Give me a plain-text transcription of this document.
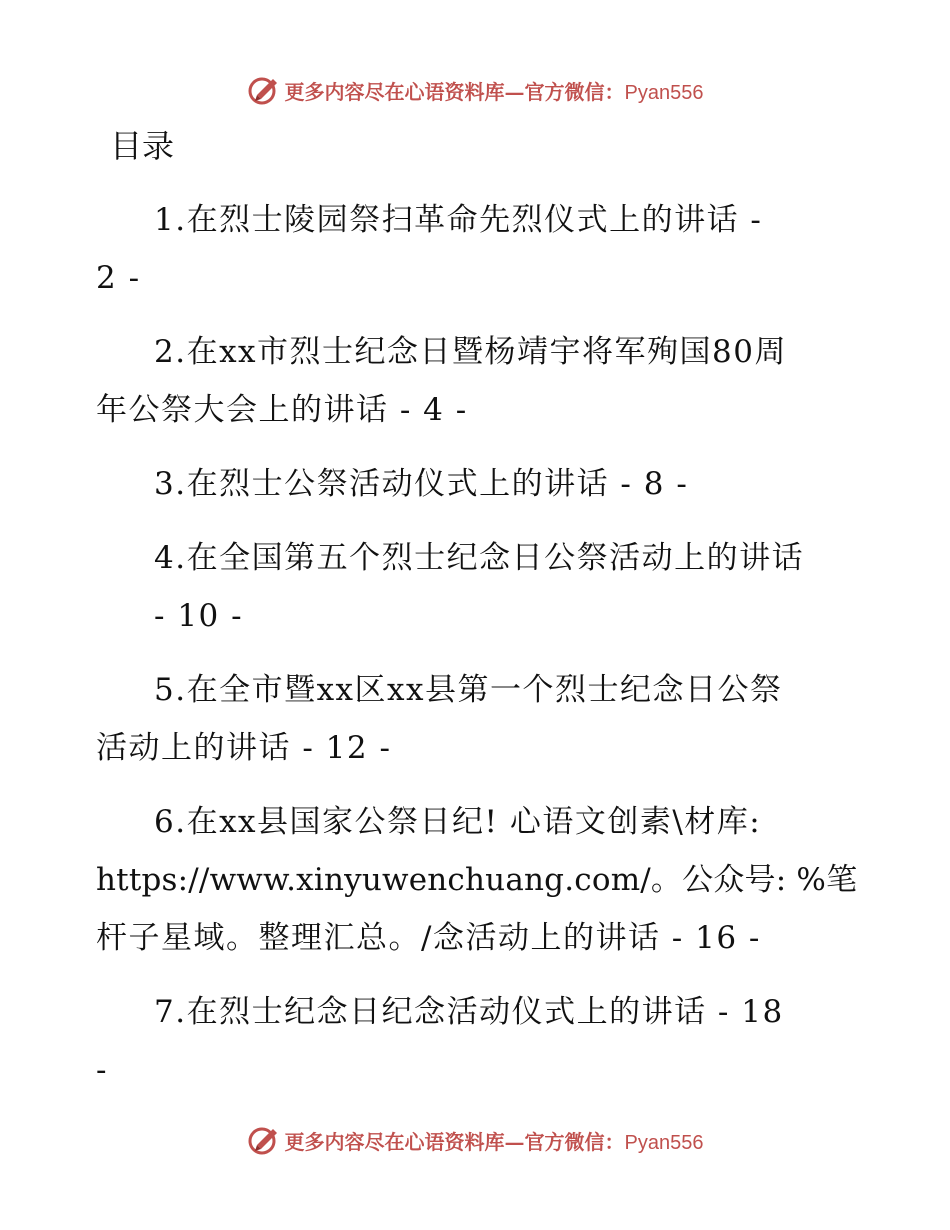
更多内容尽在心语资料库—官方微信：Pyan556
目录
1.在烈士陵园祭扫革命先烈仪式上的讲话 -
2 -
2.在xx市烈士纪念日暨杨靖宇将军殉国80周
年公祭大会上的讲话 - 4 -
3.在烈士公祭活动仪式上的讲话 - 8 -
4.在全国第五个烈士纪念日公祭活动上的讲话
- 10 -
5.在全市暨xx区xx县第一个烈士纪念日公祭
活动上的讲话 - 12 -
6.在xx县国家公祭日纪! 心语文创素\材库:
https://www.xinyuwenchuang.com/。公众号: %笔
杆子星域。整理汇总。/念活动上的讲话 - 16 -
7.在烈士纪念日纪念活动仪式上的讲话 - 18
-
更多内容尽在心语资料库—官方微信：Pyan556
